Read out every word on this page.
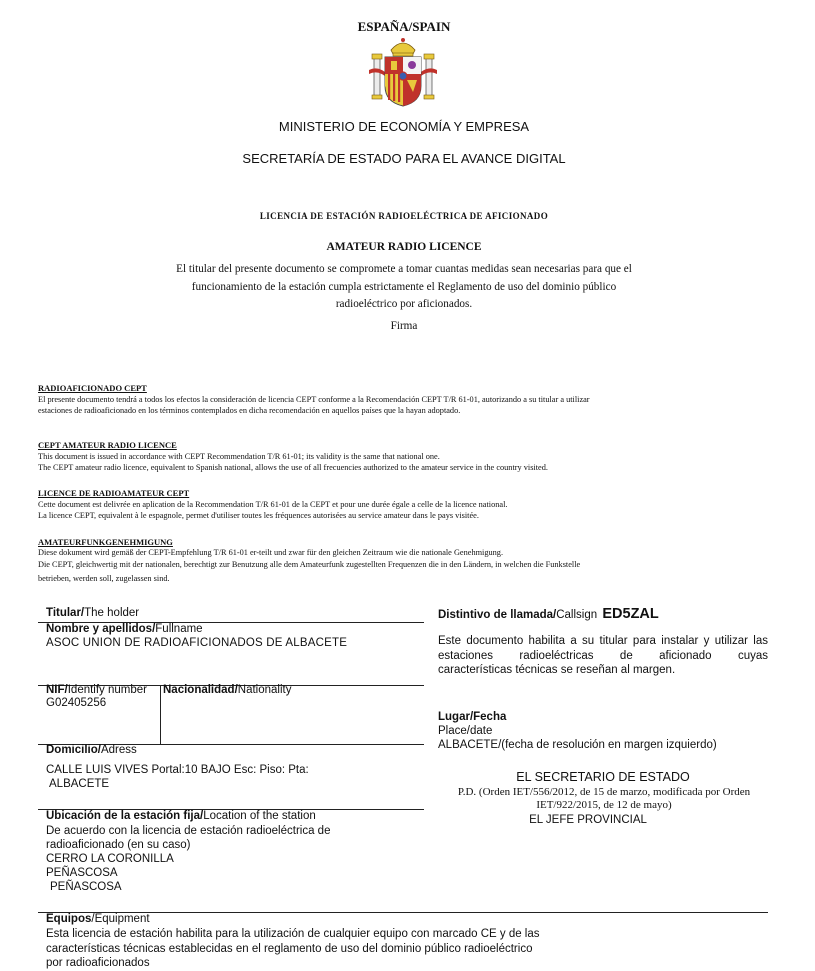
ESPAÑA/SPAIN
MINISTERIO DE ECONOMÍA Y EMPRESA
SECRETARÍA DE ESTADO PARA EL AVANCE DIGITAL
LICENCIA DE ESTACIÓN RADIOELÉCTRICA DE AFICIONADO
AMATEUR RADIO LICENCE
El titular del presente documento se compromete a tomar cuantas medidas sean necesarias para que el
funcionamiento de la estación cumpla estrictamente el Reglamento de uso del dominio público
radioeléctrico por aficionados.
Firma
RADIOAFICIONADO CEPT
El presente documento tendrá a todos los efectos la consideración de licencia CEPT conforme a la Recomendación CEPT T/R 61-01, autorizando a su titular a utilizar
estaciones de radioaficionado en los términos contemplados en dicha recomendación en aquellos países que la hayan adoptado.
CEPT AMATEUR RADIO LICENCE
This document is issued in accordance with CEPT Recommendation T/R 61-01; its validity is the same that national one.
The CEPT amateur radio licence, equivalent to Spanish national, allows the use of all frecuencies authorized to the amateur service in the country visited.
LICENCE DE RADIOAMATEUR CEPT
Cette document est delivrée en aplication de la Recommendation T/R 61-01 de la CEPT et pour une durée égale a celle de la licence national.
La licence CEPT, equivalent à le espagnole, permet d'utiliser toutes les fréquences autorisées au service amateur dans le pays visitée.
AMATEURFUNKGENEHMIGUNG
Diese dokument wird gemäß der CEPT-Empfehlung T/R 61-01 er-teilt und zwar für den gleichen Zeitraum wie die nationale Genehmigung.
Die CEPT, gleichwertig mit der nationalen, berechtigt zur Benutzung alle dem Amateurfunk zugestellten Frequenzen die in den Ländern, in welchen die Funkstelle
betrieben, werden soll, zugelassen sind.
Titular/The holder
Nombre y apellidos/Fullname
ASOC UNION DE RADIOAFICIONADOS DE ALBACETE
NIF/Identify number
G02405256
Nacionalidad/Nationality
Domicilio/Adress
CALLE LUIS VIVES Portal:10 BAJO Esc: Piso: Pta:
ALBACETE
Ubicación de la estación fija/Location of the station
De acuerdo con la licencia de estación radioeléctrica de
radioaficionado (en su caso)
CERRO LA CORONILLA
PEÑASCOSA
PEÑASCOSA
Distintivo de llamada/Callsign ED5ZAL
Este documento habilita a su titular para instalar y utilizar las
estaciones radioeléctricas de aficionado cuyas
características técnicas se reseñan al margen.
Lugar/Fecha
Place/date
ALBACETE/(fecha de resolución en margen izquierdo)
EL SECRETARIO DE ESTADO
P.D. (Orden IET/556/2012, de 15 de marzo, modificada por Orden
IET/922/2015, de 12 de mayo)
EL JEFE PROVINCIAL
Equipos/Equipment
Esta licencia de estación habilita para la utilización de cualquier equipo con marcado CE y de las
características técnicas establecidas en el reglamento de uso del dominio público radioeléctrico
por radioaficionados
